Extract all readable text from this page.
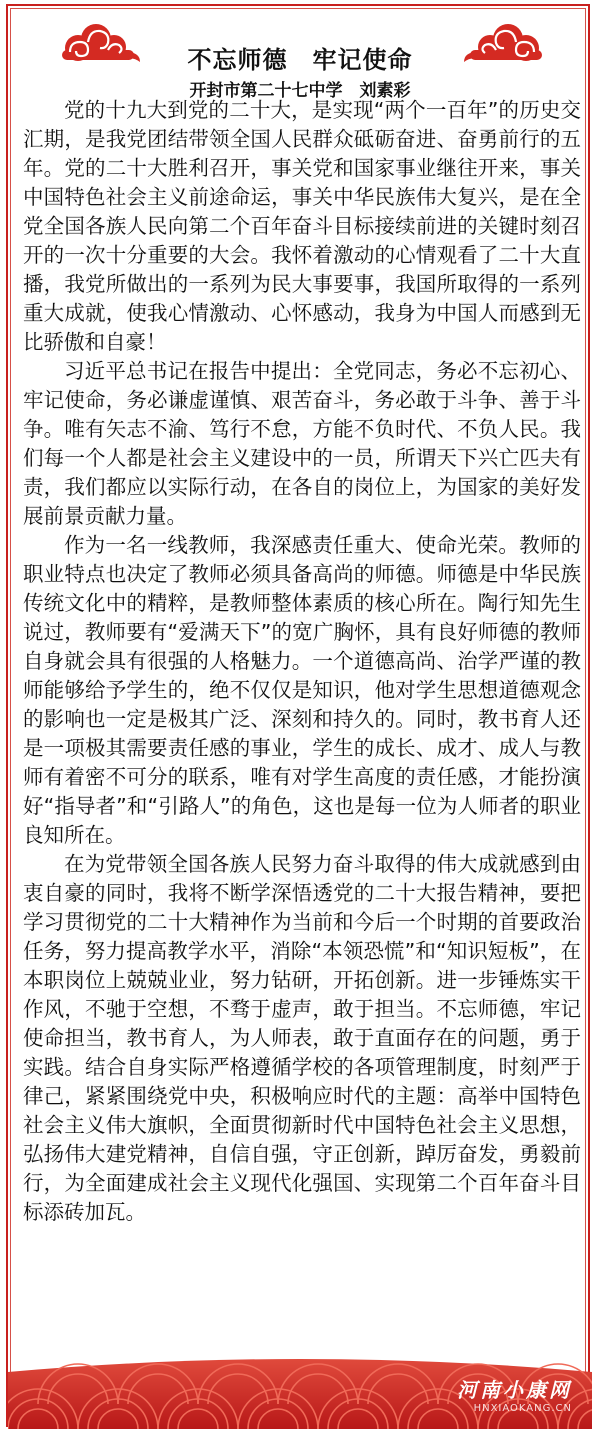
不忘师德　牢记使命
开封市第二十七中学　刘素彩

党的十九大到党的二十大，是实现“两个一百年”的历史交汇期，是我党团结带领全国人民群众砥砺奋进、奋勇前行的五年。党的二十大胜利召开，事关党和国家事业继往开来，事关中国特色社会主义前途命运，事关中华民族伟大复兴，是在全党全国各族人民向第二个百年奋斗目标接续前进的关键时刻召开的一次十分重要的大会。我怀着激动的心情观看了二十大直播，我党所做出的一系列为民大事要事，我国所取得的一系列重大成就，使我心情激动、心怀感动，我身为中国人而感到无比骄傲和自豪！

习近平总书记在报告中提出：全党同志，务必不忘初心、牢记使命，务必谦虚谨慎、艰苦奋斗，务必敢于斗争、善于斗争。唯有矢志不渝、笃行不怠，方能不负时代、不负人民。我们每一个人都是社会主义建设中的一员，所谓天下兴亡匹夫有责，我们都应以实际行动，在各自的岗位上，为国家的美好发展前景贡献力量。

作为一名一线教师，我深感责任重大、使命光荣。教师的职业特点也决定了教师必须具备高尚的师德。师德是中华民族传统文化中的精粹，是教师整体素质的核心所在。陶行知先生说过，教师要有“爱满天下”的宽广胸怀，具有良好师德的教师自身就会具有很强的人格魅力。一个道德高尚、治学严谨的教师能够给予学生的，绝不仅仅是知识，他对学生思想道德观念的影响也一定是极其广泛、深刻和持久的。同时，教书育人还是一项极其需要责任感的事业，学生的成长、成才、成人与教师有着密不可分的联系，唯有对学生高度的责任感，才能扮演好“指导者”和“引路人”的角色，这也是每一位为人师者的职业良知所在。

在为党带领全国各族人民努力奋斗取得的伟大成就感到由衷自豪的同时，我将不断学深悟透党的二十大报告精神，要把学习贯彻党的二十大精神作为当前和今后一个时期的首要政治任务，努力提高教学水平，消除“本领恐慌”和“知识短板”，在本职岗位上兢兢业业，努力钻研，开拓创新。进一步锤炼实干作风，不驰于空想，不骛于虚声，敢于担当。不忘师德，牢记使命担当，教书育人，为人师表，敢于直面存在的问题，勇于实践。结合自身实际严格遵循学校的各项管理制度，时刻严于律己，紧紧围绕党中央，积极响应时代的主题：高举中国特色社会主义伟大旗帜，全面贯彻新时代中国特色社会主义思想，弘扬伟大建党精神，自信自强，守正创新，踔厉奋发，勇毅前行，为全面建成社会主义现代化强国、实现第二个百年奋斗目标添砖加瓦。

河南小康网
HNXIAOKANG.CN
